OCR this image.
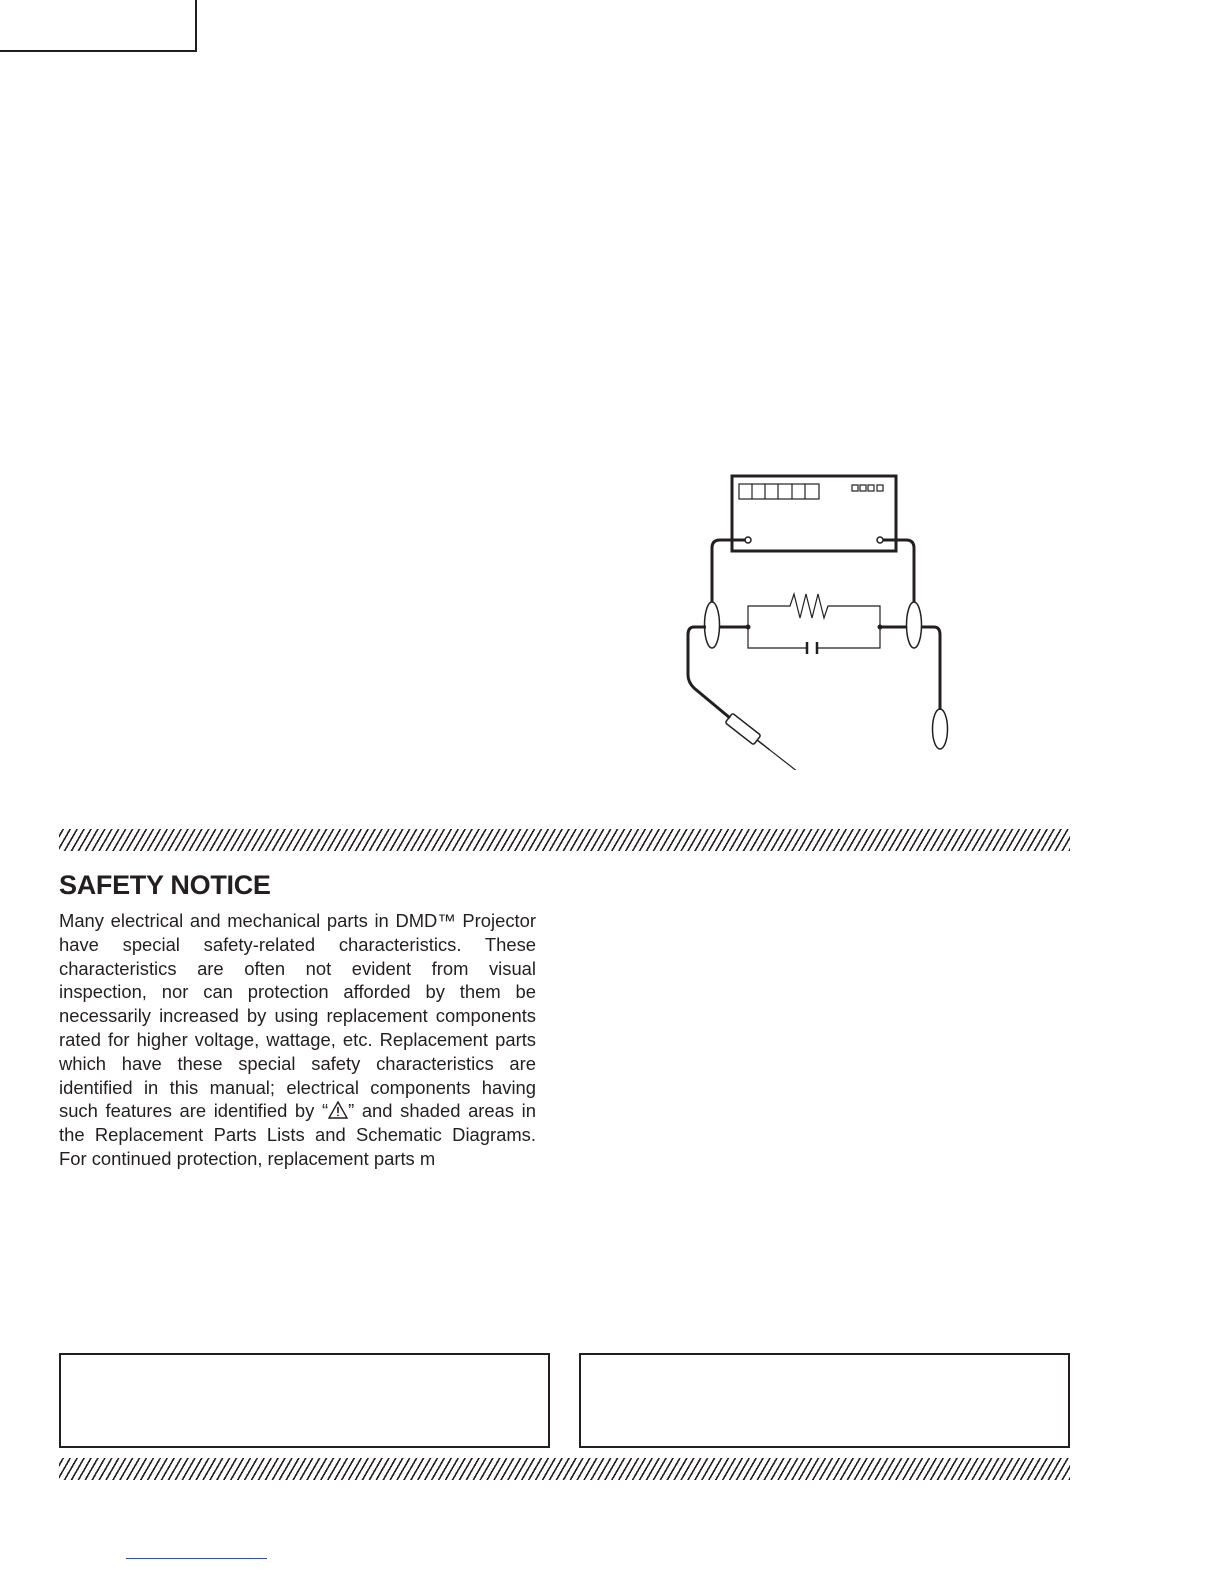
SAFETY NOTICE

Many electrical and mechanical parts in DMD™ Projector have special safety-related characteristics. These characteristics are often not evident from visual inspection, nor can protection afforded by them be necessarily increased by using replacement components rated for higher voltage, wattage, etc. Replacement parts which have these special safety characteristics are identified in this manual; electrical components having such features are identified by “ ” and shaded areas in the Replacement Parts Lists and Schematic Diagrams. For continued protection, replacement parts m
